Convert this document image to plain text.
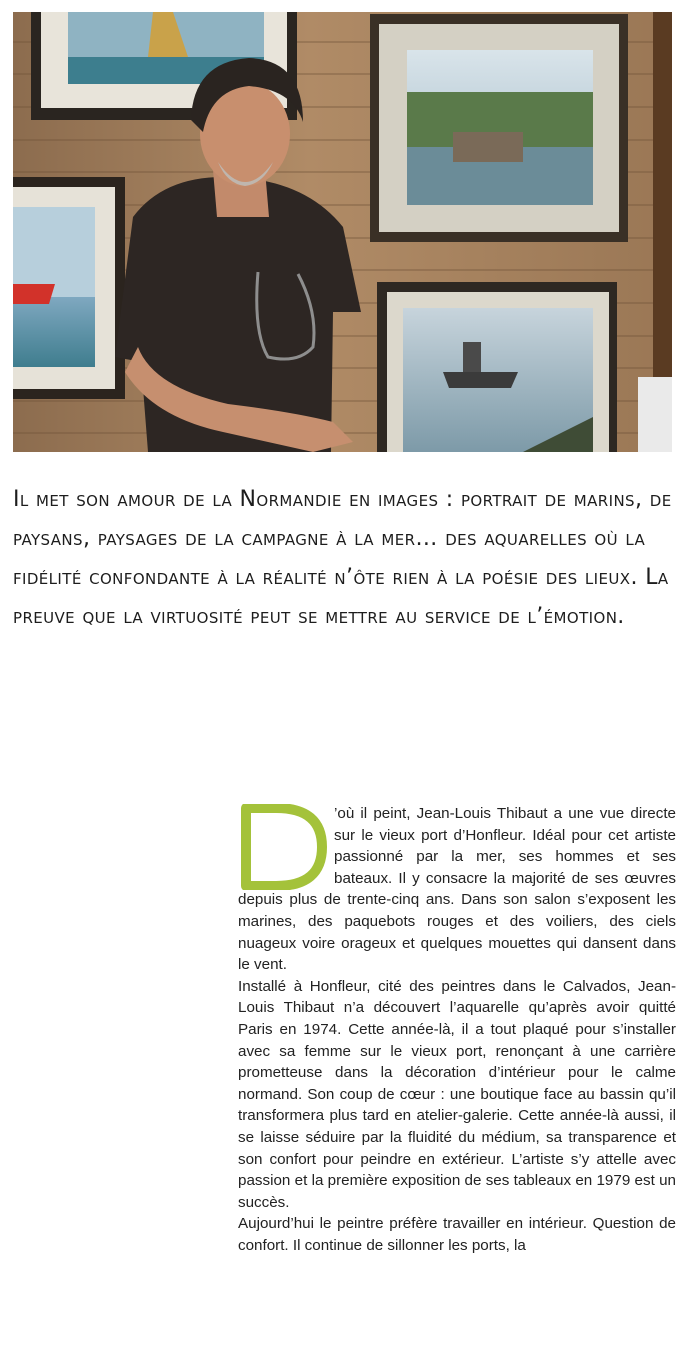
Il met son amour de la Normandie en images : portrait de marins, de paysans, paysages de la campagne à la mer… des aquarelles où la fidélité confondante à la réalité n’ôte rien à la poésie des lieux. La preuve que la virtuosité peut se mettre au service de l’émotion.

’où il peint, Jean-Louis Thibaut a une vue directe sur le vieux port d’Honfleur. Idéal pour cet artiste passionné par la mer, ses hommes et ses bateaux. Il y consacre la majorité de ses œuvres depuis plus de trente-cinq ans. Dans son salon s’exposent les marines, des paquebots rouges et des voiliers, des ciels nuageux voire orageux et quelques mouettes qui dansent dans le vent.

Installé à Honfleur, cité des peintres dans le Calvados, Jean-Louis Thibaut n’a découvert l’aquarelle qu’après avoir quitté Paris en 1974. Cette année-là, il a tout plaqué pour s’installer avec sa femme sur le vieux port, renonçant à une carrière prometteuse dans la décoration d’intérieur pour le calme normand. Son coup de cœur : une boutique face au bassin qu’il transformera plus tard en atelier-galerie. Cette année-là aussi, il se laisse séduire par la fluidité du médium, sa transparence et son confort pour peindre en extérieur. L’artiste s’y attelle avec passion et la première exposition de ses tableaux en 1979 est un succès.

Aujourd’hui le peintre préfère travailler en intérieur. Question de confort. Il continue de sillonner les ports, la
